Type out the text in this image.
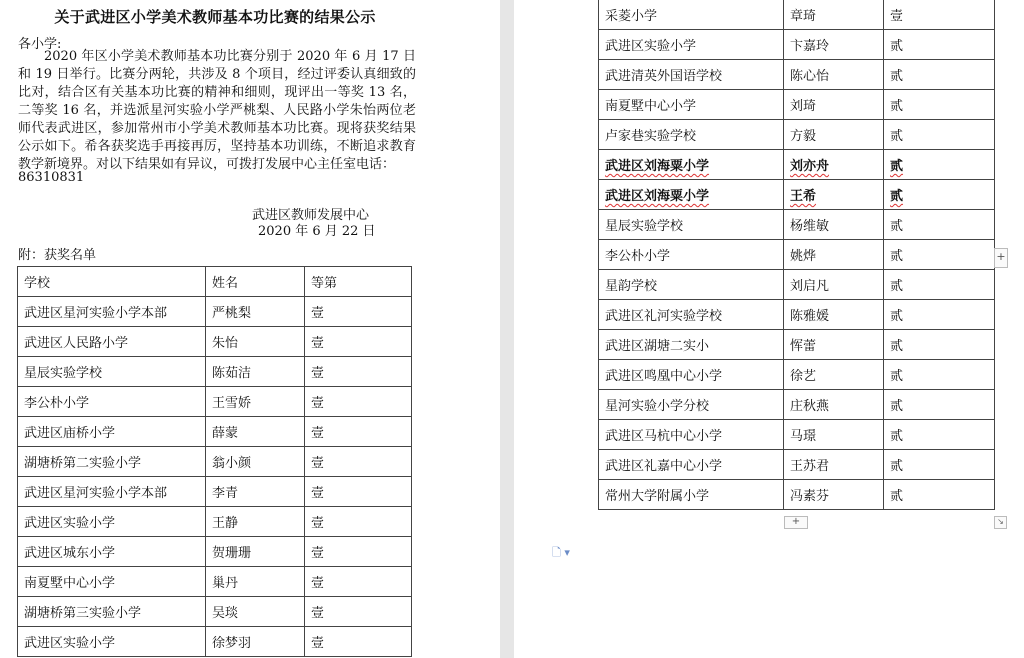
关于武进区小学美术教师基本功比赛的结果公示
各小学:
2020 年区小学美术教师基本功比赛分别于 2020 年 6 月 17 日和 19 日举行。比赛分两轮，共涉及 8 个项目，经过评委认真细致的比对，结合区有关基本功比赛的精神和细则，现评出一等奖 13 名，二等奖 16 名，并选派星河实验小学严桃梨、人民路小学朱怡两位老师代表武进区，参加常州市小学美术教师基本功比赛。现将获奖结果公示如下。希各获奖选手再接再厉，坚持基本功训练，不断追求教育教学新境界。对以下结果如有异议，可拨打发展中心主任室电话：
86310831
武进区教师发展中心
2020 年 6 月 22 日
附：获奖名单
学校	姓名	等第
武进区星河实验小学本部	严桃梨	壹
武进区人民路小学	朱怡	壹
星辰实验学校	陈茹洁	壹
李公朴小学	王雪娇	壹
武进区庙桥小学	薛蒙	壹
湖塘桥第二实验小学	翁小颜	壹
武进区星河实验小学本部	李青	壹
武进区实验小学	王静	壹
武进区城东小学	贺珊珊	壹
南夏墅中心小学	巢丹	壹
湖塘桥第三实验小学	吴琰	壹
武进区实验小学	徐梦羽	壹
采菱小学	章琦	壹
武进区实验小学	卞嘉玲	贰
武进清英外国语学校	陈心怡	贰
南夏墅中心小学	刘琦	贰
卢家巷实验学校	方毅	贰
武进区刘海粟小学	刘亦舟	贰
武进区刘海粟小学	王希	贰
星辰实验学校	杨维敏	贰
李公朴小学	姚烨	贰
星韵学校	刘启凡	贰
武进区礼河实验学校	陈雅媛	贰
武进区湖塘二实小	恽蕾	贰
武进区鸣凰中心小学	徐艺	贰
星河实验小学分校	庄秋燕	贰
武进区马杭中心小学	马璟	贰
武进区礼嘉中心小学	王苏君	贰
常州大学附属小学	冯素芬	贰
+
+	↘
🗋 ▾
